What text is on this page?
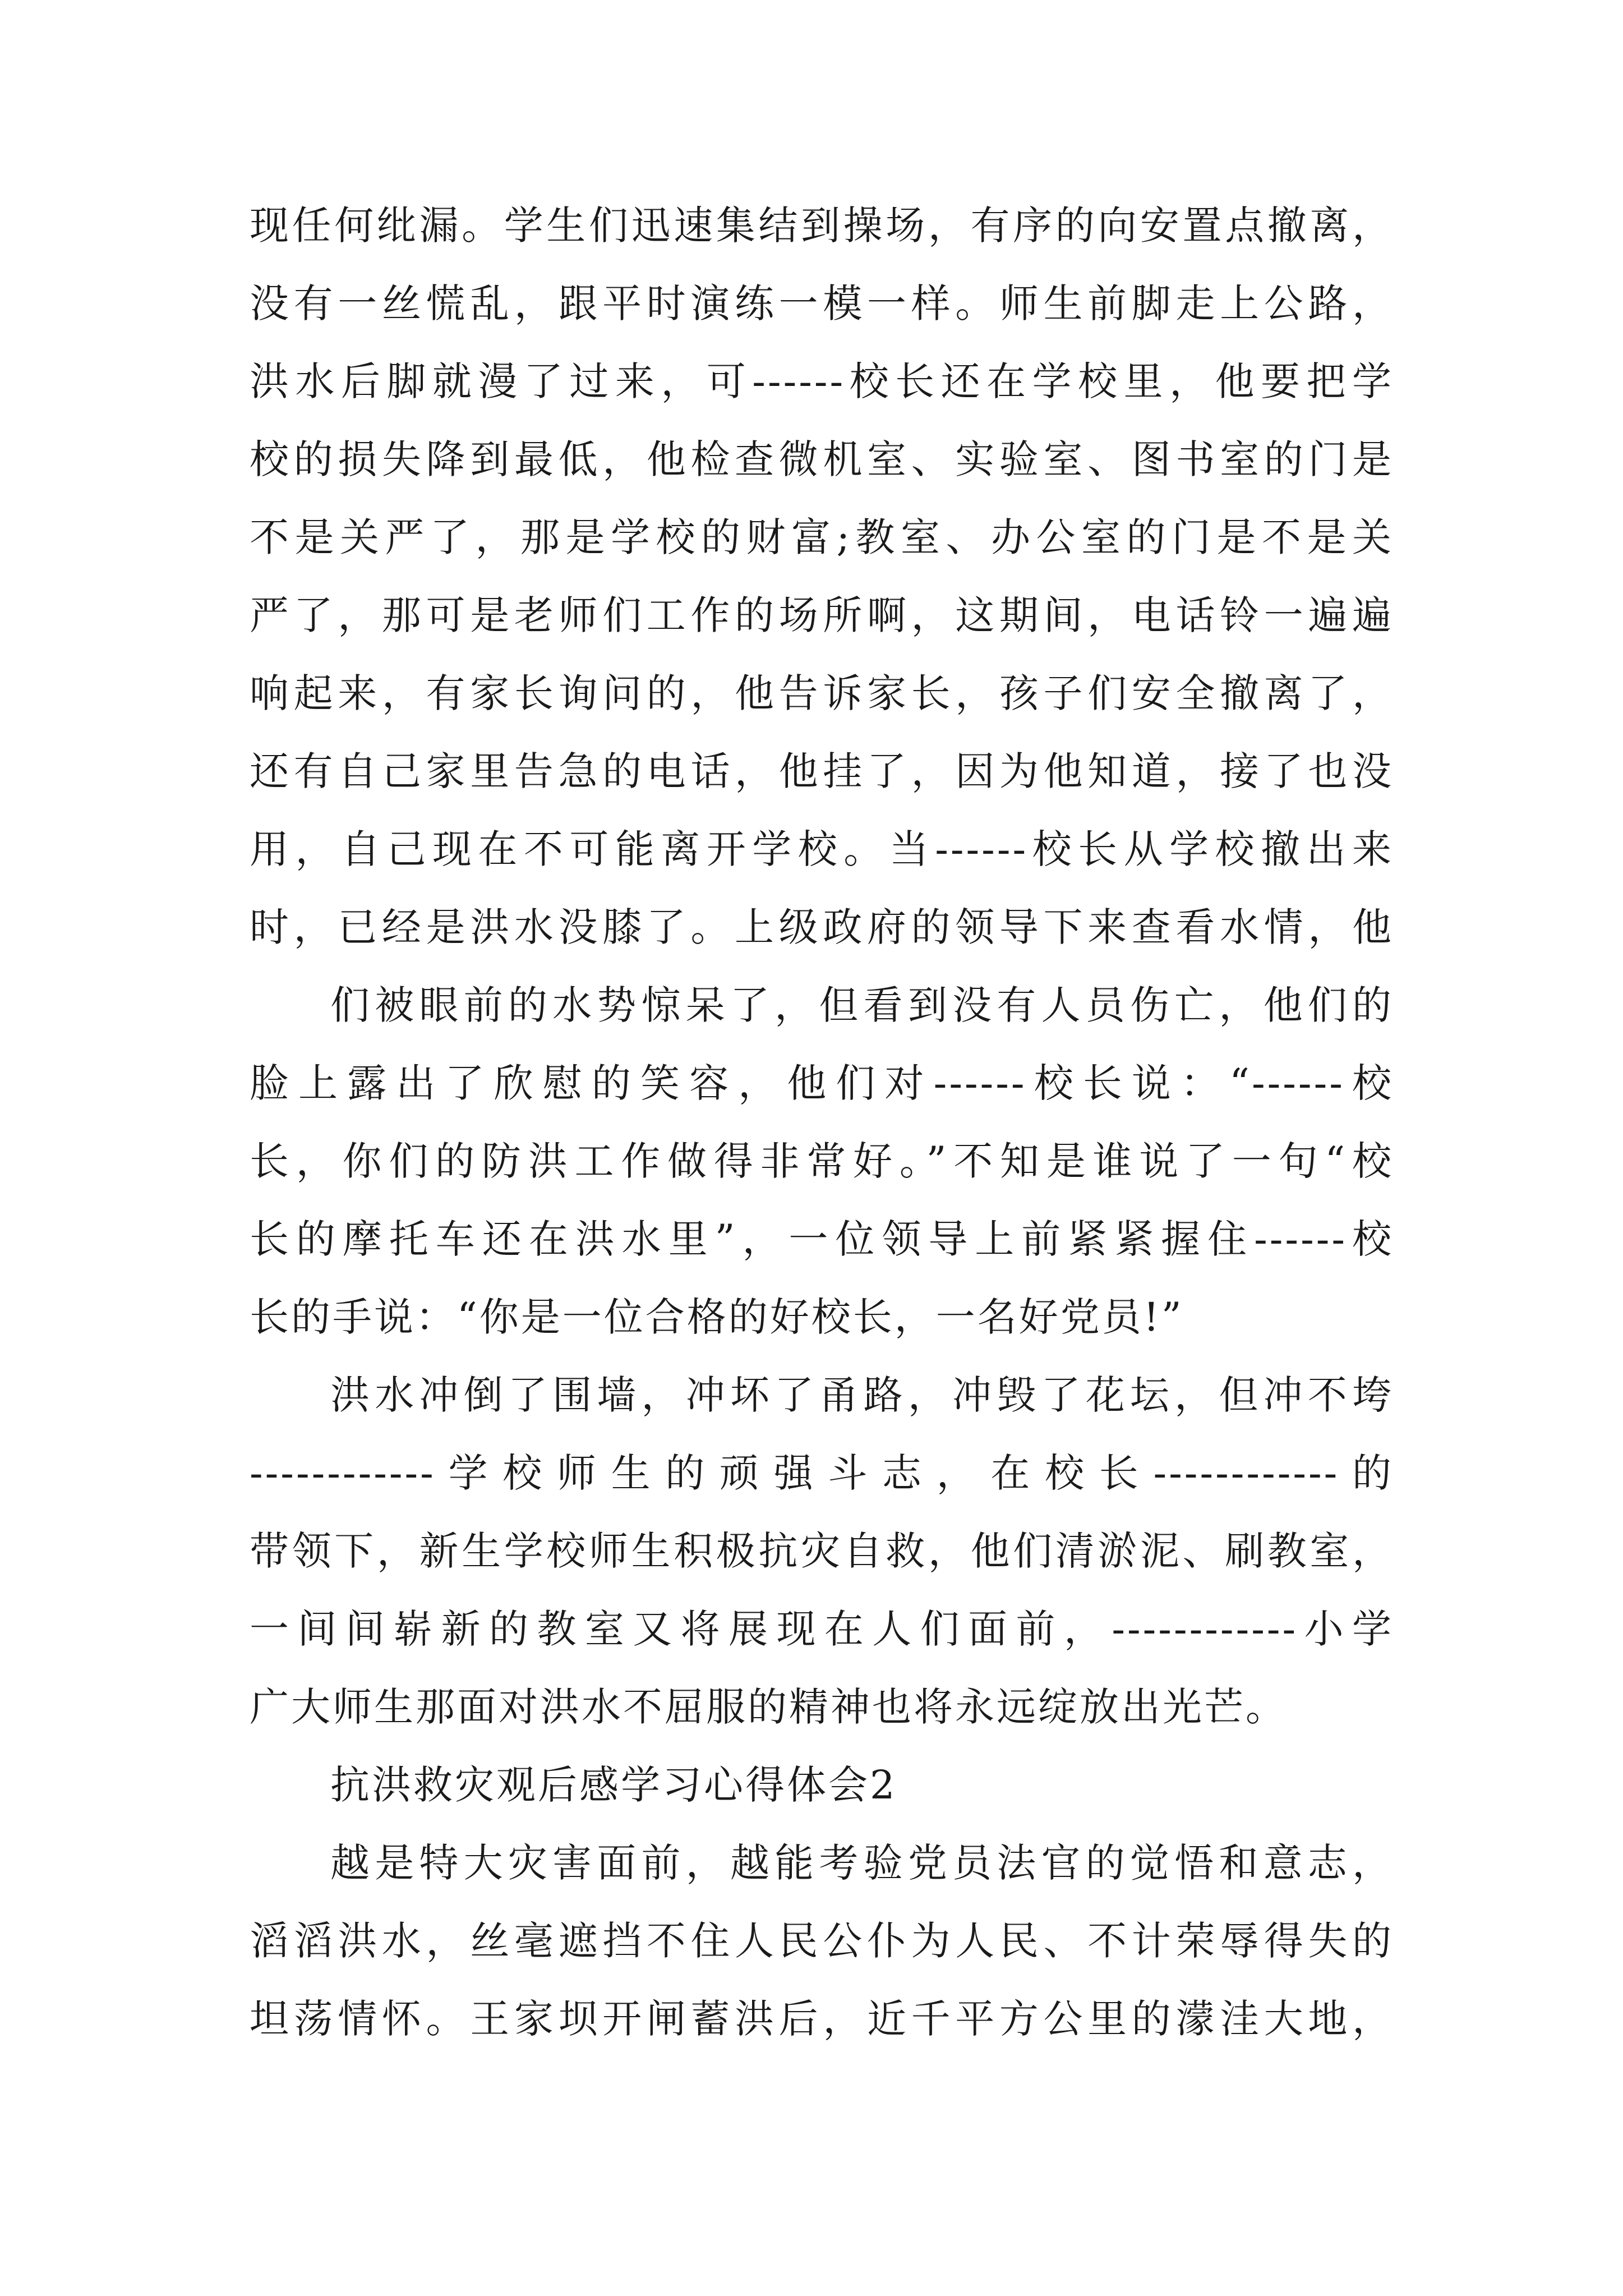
现任何纰漏。学生们迅速集结到操场，有序的向安置点撤离，

没有一丝慌乱，跟平时演练一模一样。师生前脚走上公路，

洪水后脚就漫了过来，可------校长还在学校里，他要把学

校的损失降到最低，他检查微机室、实验室、图书室的门是

不是关严了，那是学校的财富;教室、办公室的门是不是关

严了，那可是老师们工作的场所啊，这期间，电话铃一遍遍

响起来，有家长询问的，他告诉家长，孩子们安全撤离了，

还有自己家里告急的电话，他挂了，因为他知道，接了也没

用，自己现在不可能离开学校。当------校长从学校撤出来

时，已经是洪水没膝了。上级政府的领导下来查看水情，他

们被眼前的水势惊呆了，但看到没有人员伤亡，他们的

脸上露出了欣慰的笑容，他们对------校长说：“------校

长，你们的防洪工作做得非常好。”不知是谁说了一句“校

长的摩托车还在洪水里”，一位领导上前紧紧握住------校

长的手说：“你是一位合格的好校长，一名好党员!”

洪水冲倒了围墙，冲坏了甬路，冲毁了花坛，但冲不垮

------------学校师生的顽强斗志，在校长------------的

带领下，新生学校师生积极抗灾自救，他们清淤泥、刷教室，

一间间崭新的教室又将展现在人们面前，------------小学

广大师生那面对洪水不屈服的精神也将永远绽放出光芒。

抗洪救灾观后感学习心得体会2

越是特大灾害面前，越能考验党员法官的觉悟和意志，

滔滔洪水，丝毫遮挡不住人民公仆为人民、不计荣辱得失的

坦荡情怀。王家坝开闸蓄洪后，近千平方公里的濛洼大地，
